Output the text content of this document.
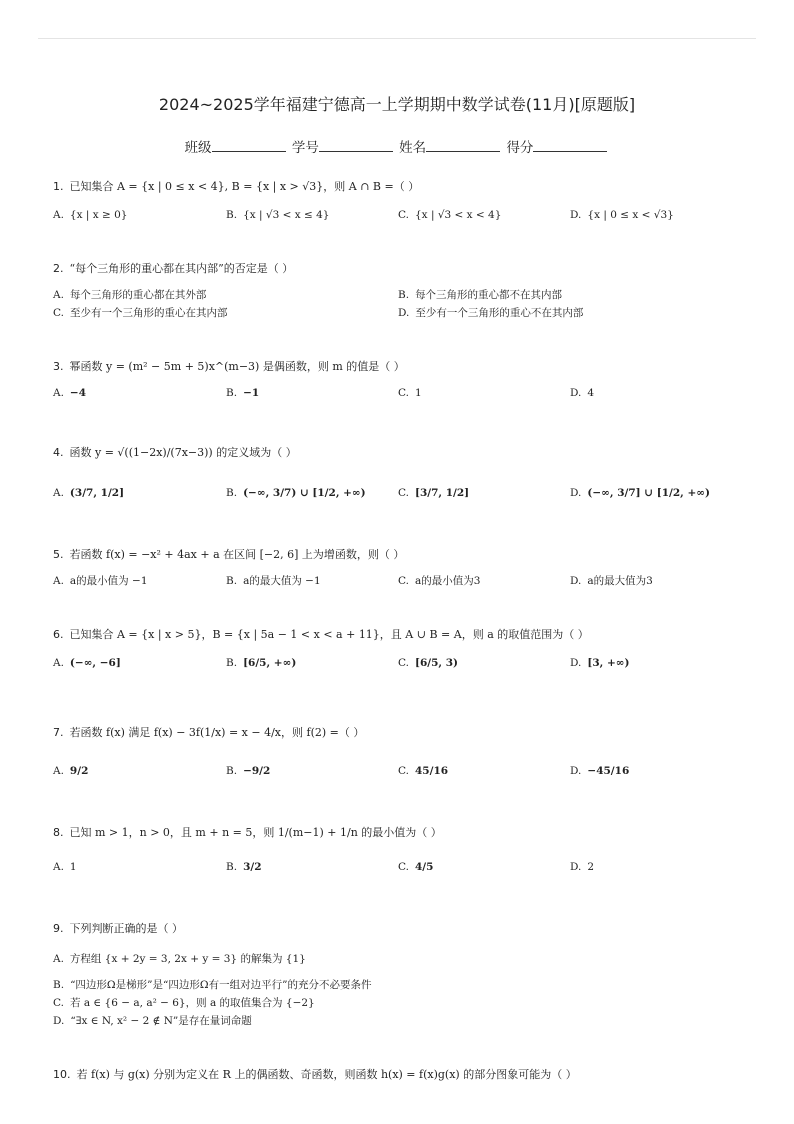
2024~2025学年福建宁德高一上学期期中数学试卷(11月)[原题版]
班级	学号	姓名	得分
1. 已知集合 A = {x | 0 ≤ x < 4}, B = {x | x > √3}，则 A ∩ B =（ ）
A. {x | x ≥ 0}	B. {x | √3 < x ≤ 4}	C. {x | √3 < x < 4}	D. {x | 0 ≤ x < √3}
2. “每个三角形的重心都在其内部”的否定是（ ）
A. 每个三角形的重心都在其外部	B. 每个三角形的重心都不在其内部
C. 至少有一个三角形的重心在其内部	D. 至少有一个三角形的重心不在其内部
3. 幂函数 y = (m² − 5m + 5)x^(m−3) 是偶函数，则 m 的值是（ ）
A. −4	B. −1	C. 1	D. 4
4. 函数 y = √((1−2x)/(7x−3)) 的定义域为（ ）
A. (3/7, 1/2]	B. (−∞, 3/7) ∪ [1/2, +∞)	C. [3/7, 1/2]	D. (−∞, 3/7] ∪ [1/2, +∞)
5. 若函数 f(x) = −x² + 4ax + a 在区间 [−2, 6] 上为增函数，则（ ）
A. a的最小值为 −1	B. a的最大值为 −1	C. a的最小值为3	D. a的最大值为3
6. 已知集合 A = {x | x > 5}，B = {x | 5a − 1 < x < a + 11}，且 A ∪ B = A，则 a 的取值范围为（ ）
A. (−∞, −6]	B. [6/5, +∞)	C. [6/5, 3)	D. [3, +∞)
7. 若函数 f(x) 满足 f(x) − 3f(1/x) = x − 4/x，则 f(2) =（ ）
A. 9/2	B. −9/2	C. 45/16	D. −45/16
8. 已知 m > 1，n > 0，且 m + n = 5，则 1/(m−1) + 1/n 的最小值为（ ）
A. 1	B. 3/2	C. 4/5	D. 2
9. 下列判断正确的是（ ）
A. 方程组 {x + 2y = 3, 2x + y = 3} 的解集为 {1}
B. “四边形Ω是梯形”是“四边形Ω有一组对边平行”的充分不必要条件
C. 若 a ∈ {6 − a, a² − 6}，则 a 的取值集合为 {−2}
D. “∃x ∈ N, x² − 2 ∉ N”是存在量词命题
10. 若 f(x) 与 g(x) 分别为定义在 R 上的偶函数、奇函数，则函数 h(x) = f(x)g(x) 的部分图象可能为（ ）
